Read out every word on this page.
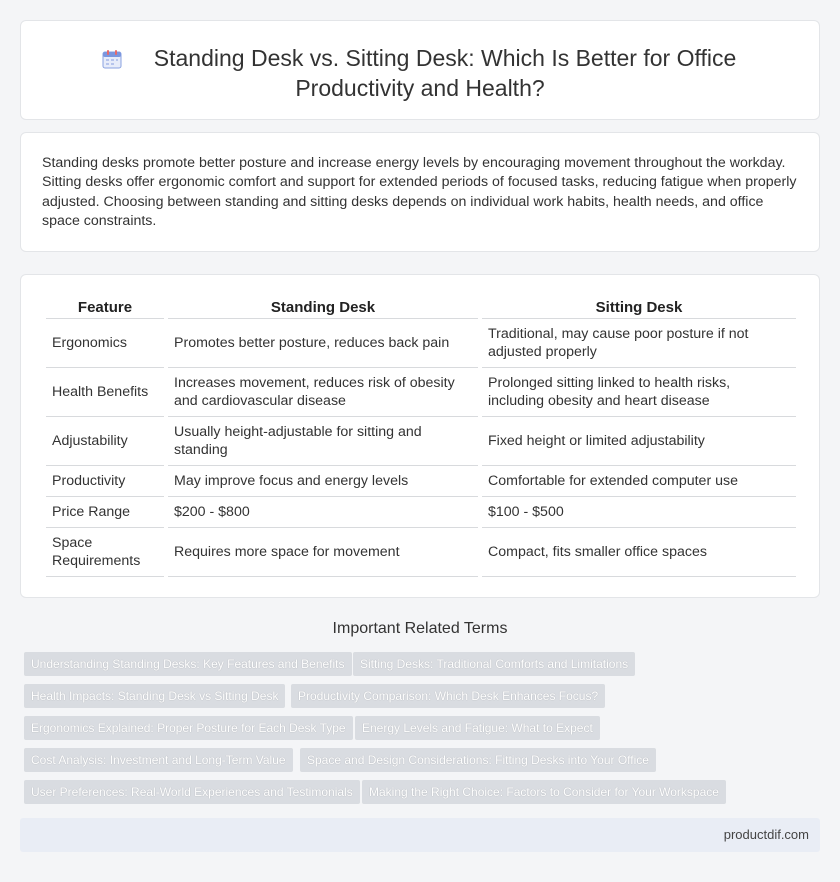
Standing Desk vs. Sitting Desk: Which Is Better for Office
Productivity and Health?

Standing desks promote better posture and increase energy levels by encouraging movement throughout the workday. Sitting desks offer ergonomic comfort and support for extended periods of focused tasks, reducing fatigue when properly adjusted. Choosing between standing and sitting desks depends on individual work habits, health needs, and office space constraints.

Feature	Standing Desk	Sitting Desk
Ergonomics	Promotes better posture, reduces back pain	Traditional, may cause poor posture if not adjusted properly
Health Benefits	Increases movement, reduces risk of obesity and cardiovascular disease	Prolonged sitting linked to health risks, including obesity and heart disease
Adjustability	Usually height-adjustable for sitting and standing	Fixed height or limited adjustability
Productivity	May improve focus and energy levels	Comfortable for extended computer use
Price Range	$200 - $800	$100 - $500
Space Requirements	Requires more space for movement	Compact, fits smaller office spaces
Important Related Terms
Understanding Standing Desks: Key Features and Benefits	Sitting Desks: Traditional Comforts and Limitations
Health Impacts: Standing Desk vs Sitting Desk	Productivity Comparison: Which Desk Enhances Focus?
Ergonomics Explained: Proper Posture for Each Desk Type	Energy Levels and Fatigue: What to Expect
Cost Analysis: Investment and Long-Term Value	Space and Design Considerations: Fitting Desks into Your Office
User Preferences: Real-World Experiences and Testimonials	Making the Right Choice: Factors to Consider for Your Workspace
productdif.com
